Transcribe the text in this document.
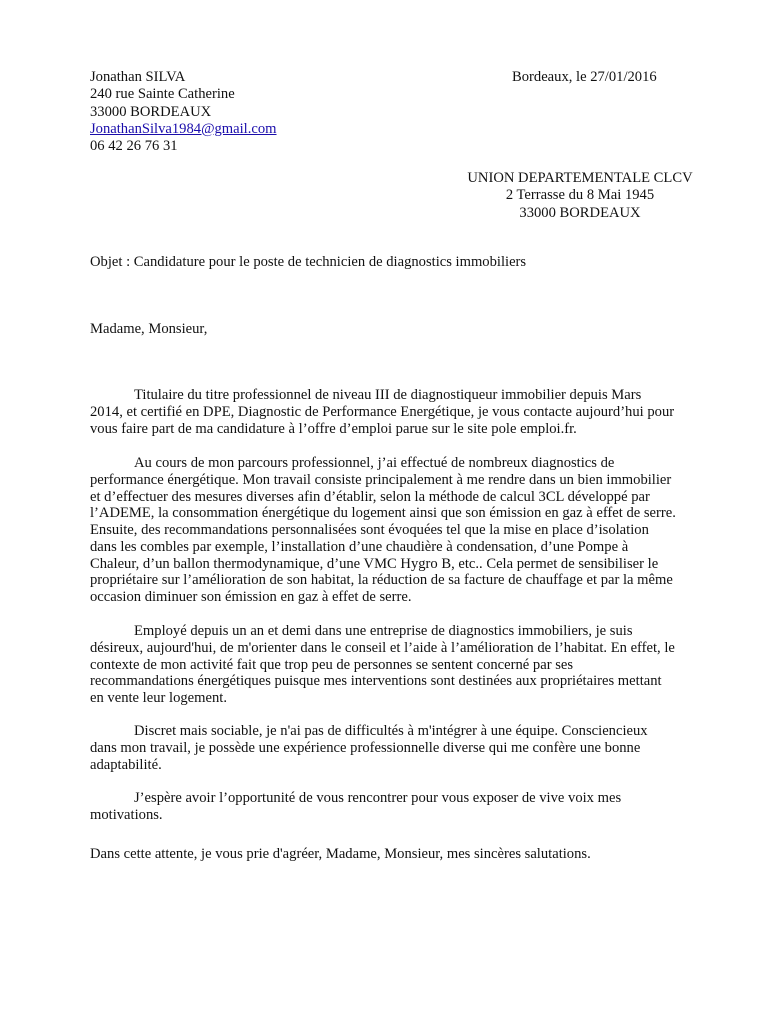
Jonathan SILVA
240 rue Sainte Catherine
33000 BORDEAUX
JonathanSilva1984@gmail.com
06 42 26 76 31
Bordeaux, le 27/01/2016
UNION DEPARTEMENTALE CLCV
2 Terrasse du 8 Mai 1945
33000 BORDEAUX
Objet : Candidature pour le poste de technicien de diagnostics immobiliers
Madame, Monsieur,
Titulaire du titre professionnel de niveau III de diagnostiqueur immobilier depuis Mars
2014, et certifié en DPE, Diagnostic de Performance Energétique, je vous contacte aujourd’hui pour
vous faire part de ma candidature à l’offre d’emploi parue sur le site pole emploi.fr.
Au cours de mon parcours professionnel, j’ai effectué de nombreux diagnostics de
performance énergétique. Mon travail consiste principalement à me rendre dans un bien immobilier
et d’effectuer des mesures diverses afin d’établir, selon la méthode de calcul 3CL développé par
l’ADEME, la consommation énergétique du logement ainsi que son émission en gaz à effet de serre.
Ensuite, des recommandations personnalisées sont évoquées tel que la mise en place d’isolation
dans les combles par exemple, l’installation d’une chaudière à condensation, d’une Pompe à
Chaleur, d’un ballon thermodynamique, d’une VMC Hygro B, etc.. Cela permet de sensibiliser le
propriétaire sur l’amélioration de son habitat, la réduction de sa facture de chauffage et par la même
occasion diminuer son émission en gaz à effet de serre.
Employé depuis un an et demi dans une entreprise de diagnostics immobiliers, je suis
désireux, aujourd'hui, de m'orienter dans le conseil et l’aide à l’amélioration de l’habitat. En effet, le
contexte de mon activité fait que trop peu de personnes se sentent concerné par ses
recommandations énergétiques puisque mes interventions sont destinées aux propriétaires mettant
en vente leur logement.
Discret mais sociable, je n'ai pas de difficultés à m'intégrer à une équipe. Consciencieux
dans mon travail, je possède une expérience professionnelle diverse qui me confère une bonne
adaptabilité.
J’espère avoir l’opportunité de vous rencontrer pour vous exposer de vive voix mes
motivations.
Dans cette attente, je vous prie d'agréer, Madame, Monsieur, mes sincères salutations.
